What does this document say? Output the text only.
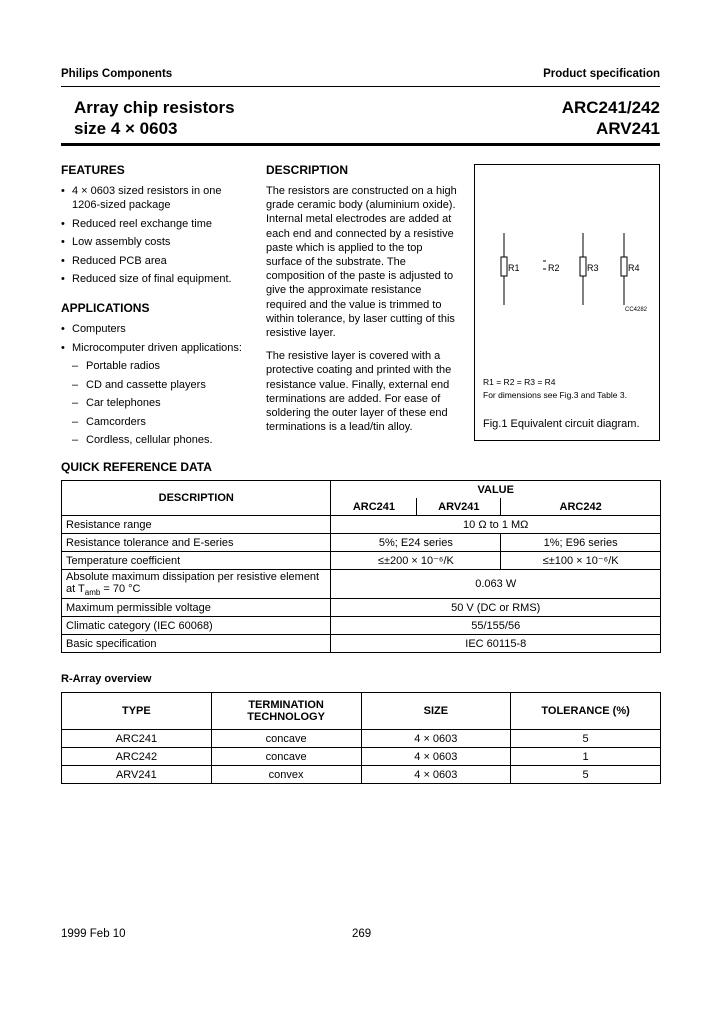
Philips Components	Product specification
Array chip resistors
size 4 × 0603
ARC241/242
ARV241
FEATURES
• 4 × 0603 sized resistors in one 1206-sized package
• Reduced reel exchange time
• Low assembly costs
• Reduced PCB area
• Reduced size of final equipment.
APPLICATIONS
• Computers
• Microcomputer driven applications:
– Portable radios
– CD and cassette players
– Car telephones
– Camcorders
– Cordless, cellular phones.
DESCRIPTION

The resistors are constructed on a high grade ceramic body (aluminium oxide). Internal metal electrodes are added at each end and connected by a resistive paste which is applied to the top surface of the substrate. The composition of the paste is adjusted to give the approximate resistance required and the value is trimmed to within tolerance, by laser cutting of this resistive layer.

The resistive layer is covered with a protective coating and printed with the resistance value. Finally, external end terminations are added. For ease of soldering the outer layer of these end terminations is a lead/tin alloy.

R1	R2	R3	R4
CC4282
R1 = R2 = R3 = R4
For dimensions see Fig.3 and Table 3.
Fig.1 Equivalent circuit diagram.
QUICK REFERENCE DATA
DESCRIPTION	VALUE		
	ARC241	ARV241	ARC242
Resistance range	10 Ω to 1 MΩ		
Resistance tolerance and E-series	5%; E24 series		1%; E96 series
Temperature coefficient	≤±200 × 10⁻⁶/K		≤±100 × 10⁻⁶/K
Absolute maximum dissipation per resistive element
at $T_{amb} = 70$ °C	0.063 W		
Maximum permissible voltage	50 V (DC or RMS)		
Climatic category (IEC 60068)	55/155/56		
Basic specification	IEC 60115-8		
R-Array overview
TYPE	TERMINATION TECHNOLOGY	SIZE	TOLERANCE (%)
ARC241	concave	4 × 0603	5
ARC242	concave	4 × 0603	1
ARV241	convex	4 × 0603	5
1999 Feb 10	269
